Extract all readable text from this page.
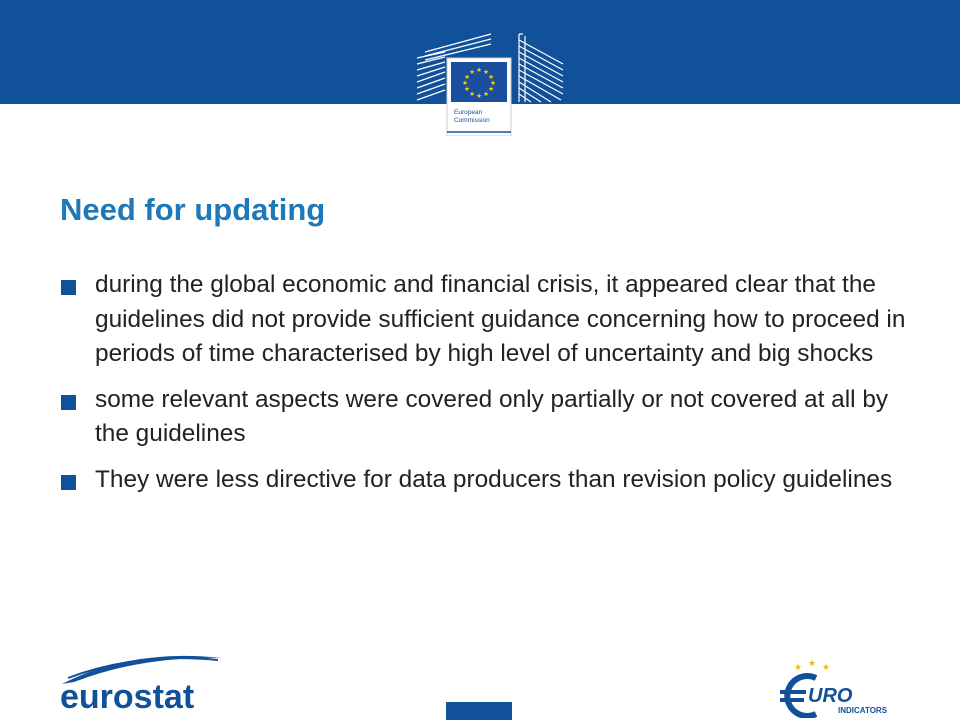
★ ★
★
★
★
★
★
★
★
★
★
★
European
Commission
Need for updating
during the global economic and financial crisis, it appeared clear that the guidelines did not provide sufficient guidance concerning how to proceed in periods of time characterised by high level of uncertainty and big shocks
some relevant aspects were covered only partially or not covered at all by the guidelines
They were less directive for data producers than revision policy guidelines
eurostat
★ ★ ★
URO
INDICATORS
